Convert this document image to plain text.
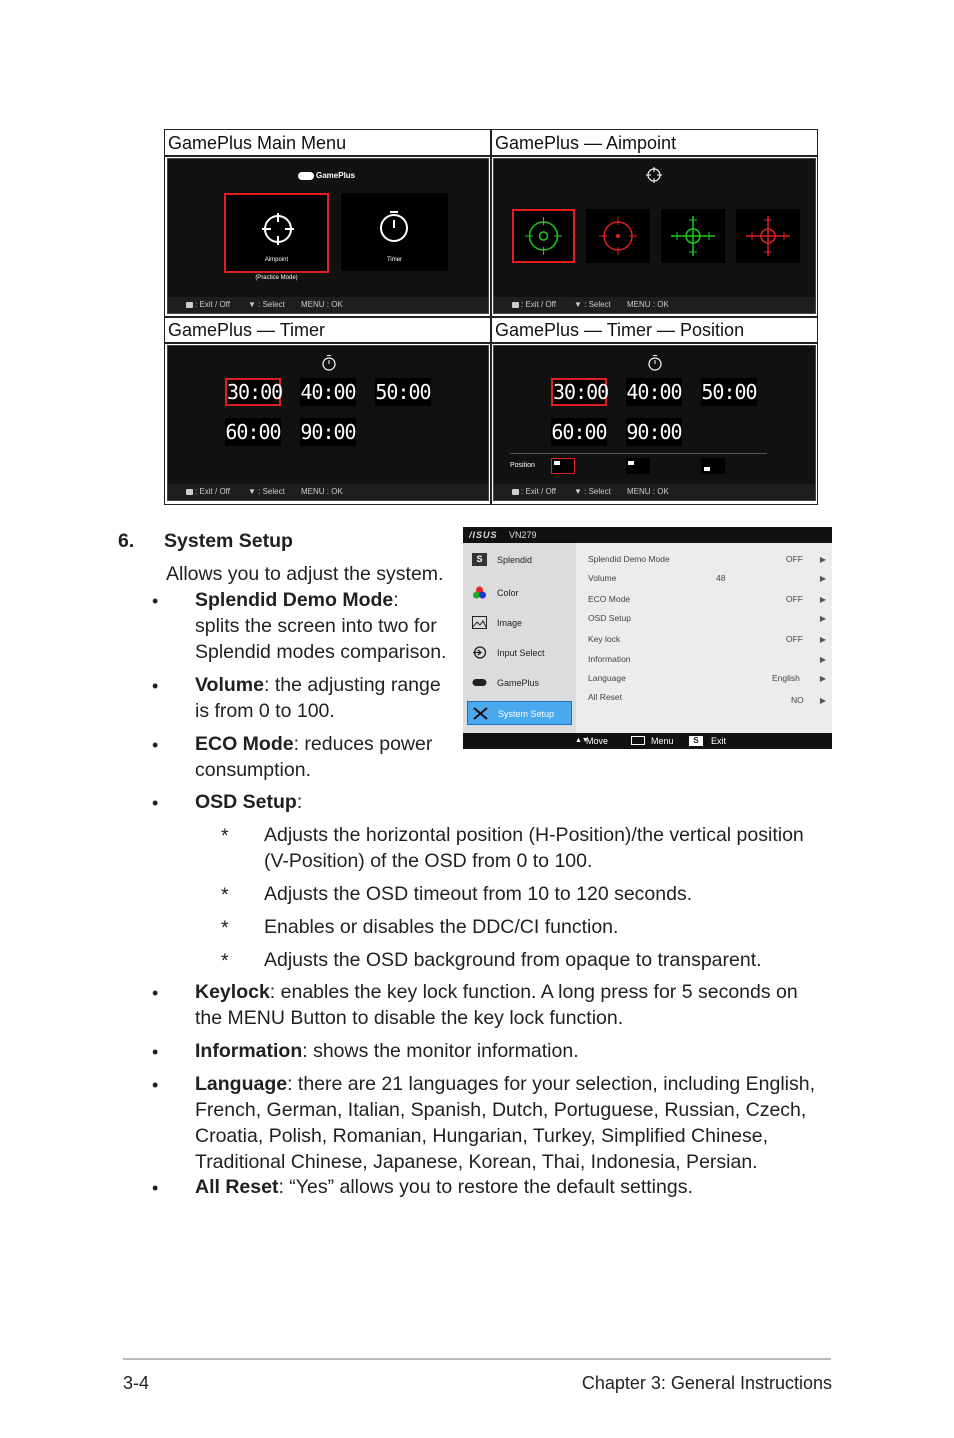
GamePlus Main Menu	GamePlus — Aimpoint
GamePlus — Timer	GamePlus — Timer — Position
GamePlus
Aimpoint
(Practice Mode)
Timer
: Exit / Off ▼ : Select MENU : OK	: Exit / Off ▼ : Select MENU : OK
30:00 40:00 50:00
60:00 90:00
: Exit / Off ▼ : Select MENU : OK
30:00 40:00 50:00
60:00 90:00
Position
: Exit / Off ▼ : Select MENU : OK
/ISUS VN279
S	Splendid
Color
Image
Input Select
GamePlus
System Setup
Splendid Demo Mode	OFF
Volume	48
ECO Mode	OFF
OSD Setup
Key lock	OFF
Information
Language	English
All Reset	NO
▶
▶
▶
▶
▶
▶
▶
▶
▲▼
Move	Menu	S	Exit
6. System Setup
Allows you to adjust the system.
• Splendid Demo Mode:
splits the screen into two for
Splendid modes comparison.
• Volume: the adjusting range
is from 0 to 100.
• ECO Mode: reduces power
consumption.
• OSD Setup:
* Adjusts the horizontal position (H-Position)/the vertical position
(V-Position) of the OSD from 0 to 100.
* Adjusts the OSD timeout from 10 to 120 seconds.
* Enables or disables the DDC/CI function.
* Adjusts the OSD background from opaque to transparent.
• Keylock: enables the key lock function. A long press for 5 seconds on
the MENU Button to disable the key lock function.
• Information: shows the monitor information.
• Language: there are 21 languages for your selection, including English,
French, German, Italian, Spanish, Dutch, Portuguese, Russian, Czech,
Croatia, Polish, Romanian, Hungarian, Turkey, Simplified Chinese,
Traditional Chinese, Japanese, Korean, Thai, Indonesia, Persian.
• All Reset: “Yes” allows you to restore the default settings.
3-4	Chapter 3: General Instructions
